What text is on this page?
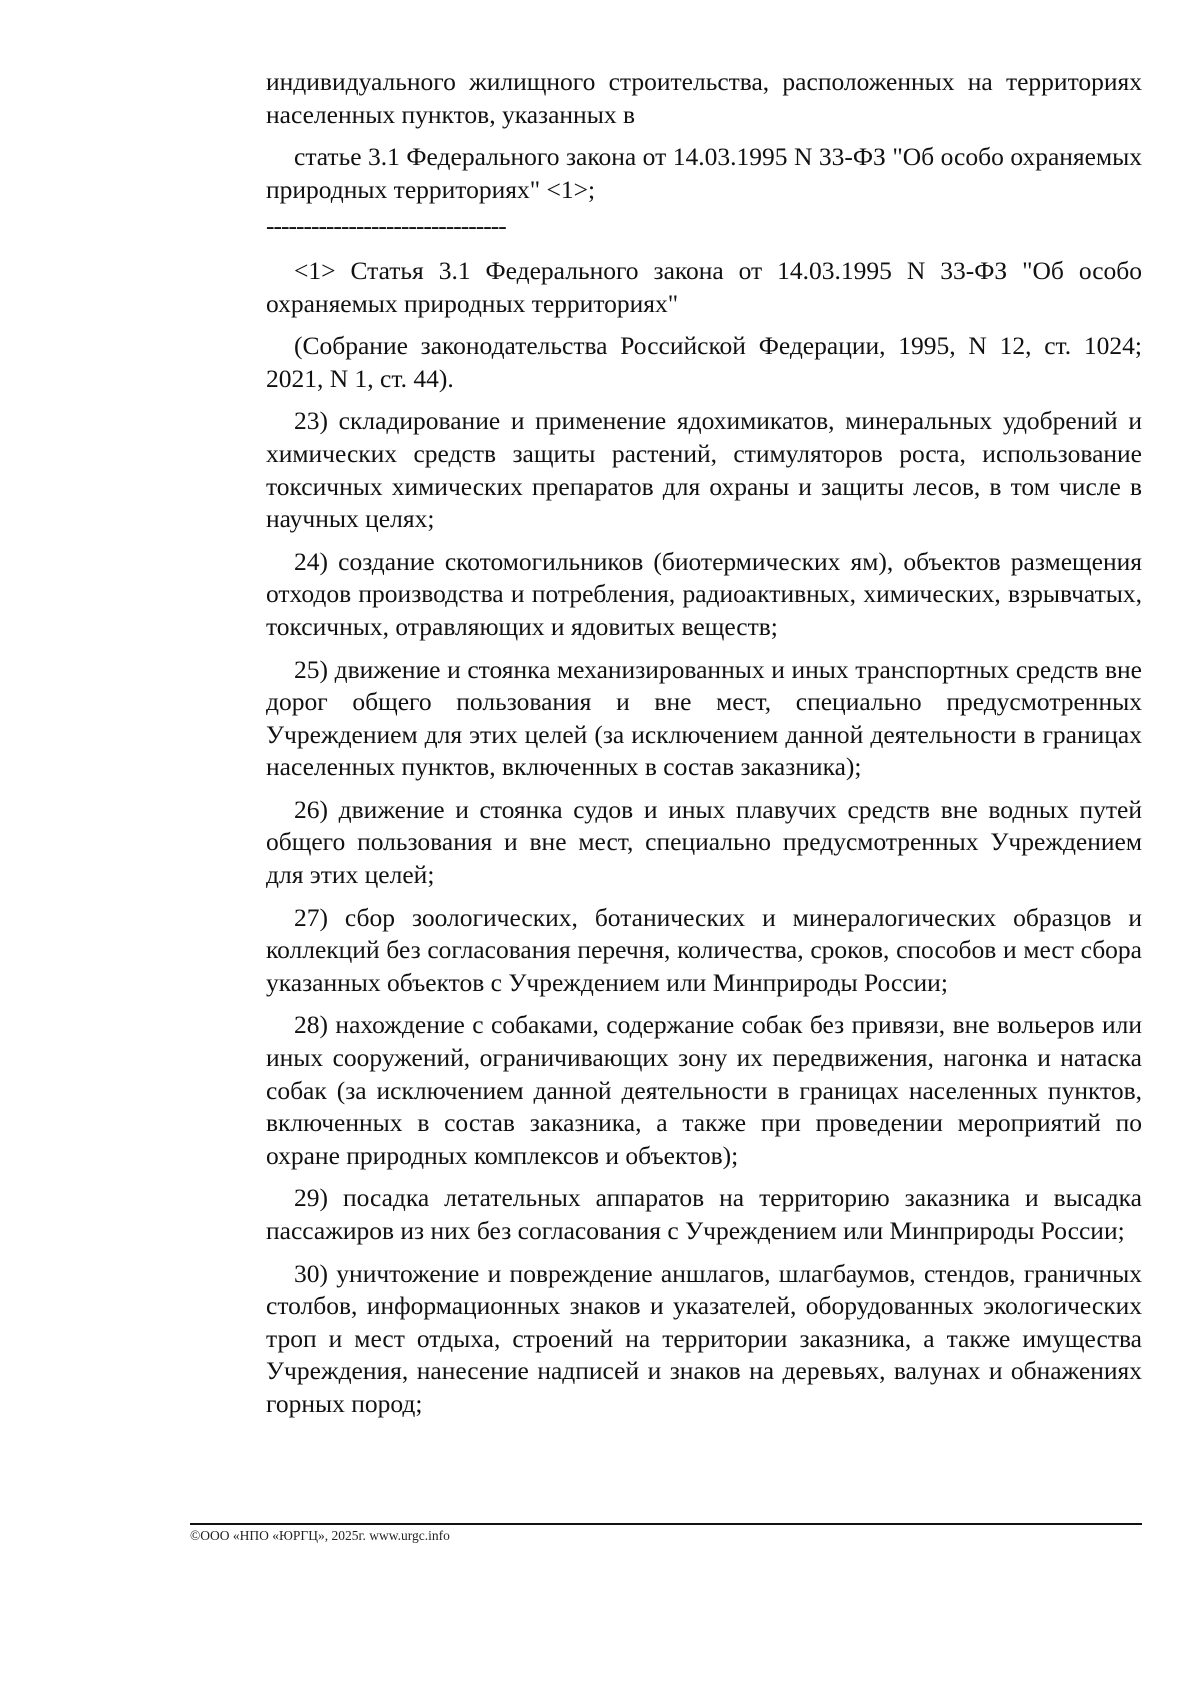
индивидуального жилищного строительства, расположенных на территориях населенных пунктов, указанных в

статье 3.1 Федерального закона от 14.03.1995 N 33-ФЗ "Об особо охраняемых природных территориях" <1>;

--------------------------------

<1> Статья 3.1 Федерального закона от 14.03.1995 N 33-ФЗ "Об особо охраняемых природных территориях"

(Собрание законодательства Российской Федерации, 1995, N 12, ст. 1024; 2021, N 1, ст. 44).

23) складирование и применение ядохимикатов, минеральных удобрений и химических средств защиты растений, стимуляторов роста, использование токсичных химических препаратов для охраны и защиты лесов, в том числе в научных целях;

24) создание скотомогильников (биотермических ям), объектов размещения отходов производства и потребления, радиоактивных, химических, взрывчатых, токсичных, отравляющих и ядовитых веществ;

25) движение и стоянка механизированных и иных транспортных средств вне дорог общего пользования и вне мест, специально предусмотренных Учреждением для этих целей (за исключением данной деятельности в границах населенных пунктов, включенных в состав заказника);

26) движение и стоянка судов и иных плавучих средств вне водных путей общего пользования и вне мест, специально предусмотренных Учреждением для этих целей;

27) сбор зоологических, ботанических и минералогических образцов и коллекций без согласования перечня, количества, сроков, способов и мест сбора указанных объектов с Учреждением или Минприроды России;

28) нахождение с собаками, содержание собак без привязи, вне вольеров или иных сооружений, ограничивающих зону их передвижения, нагонка и натаска собак (за исключением данной деятельности в границах населенных пунктов, включенных в состав заказника, а также при проведении мероприятий по охране природных комплексов и объектов);

29) посадка летательных аппаратов на территорию заказника и высадка пассажиров из них без согласования с Учреждением или Минприроды России;

30) уничтожение и повреждение аншлагов, шлагбаумов, стендов, граничных столбов, информационных знаков и указателей, оборудованных экологических троп и мест отдыха, строений на территории заказника, а также имущества Учреждения, нанесение надписей и знаков на деревьях, валунах и обнажениях горных пород;

©ООО «НПО «ЮРГЦ», 2025г. www.urgc.info
